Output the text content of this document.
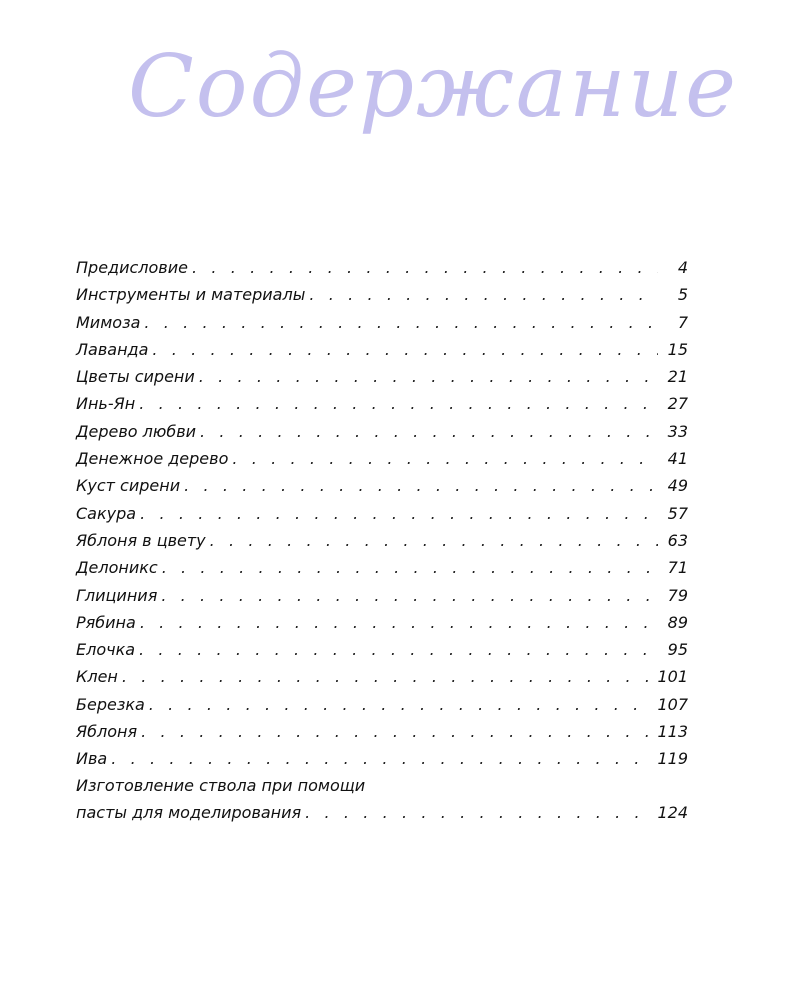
Содержание
Предисловие . . .	4
Инструменты и материалы . . .	5
Мимоза . . .	7
Лаванда . . .	15
Цветы сирени . . .	21
Инь-Ян . . .	27
Дерево любви . . .	33
Денежное дерево . . .	41
Куст сирени . . .	49
Сакура . . .	57
Яблоня в цвету . . .	63
Делоникс . . .	71
Глициния . . .	79
Рябина . . .	89
Елочка . . .	95
Клен . . .	101
Березка . . .	107
Яблоня . . .	113
Ива . . .	119
Изготовление ствола при помощи
пасты для моделирования . . .	124
